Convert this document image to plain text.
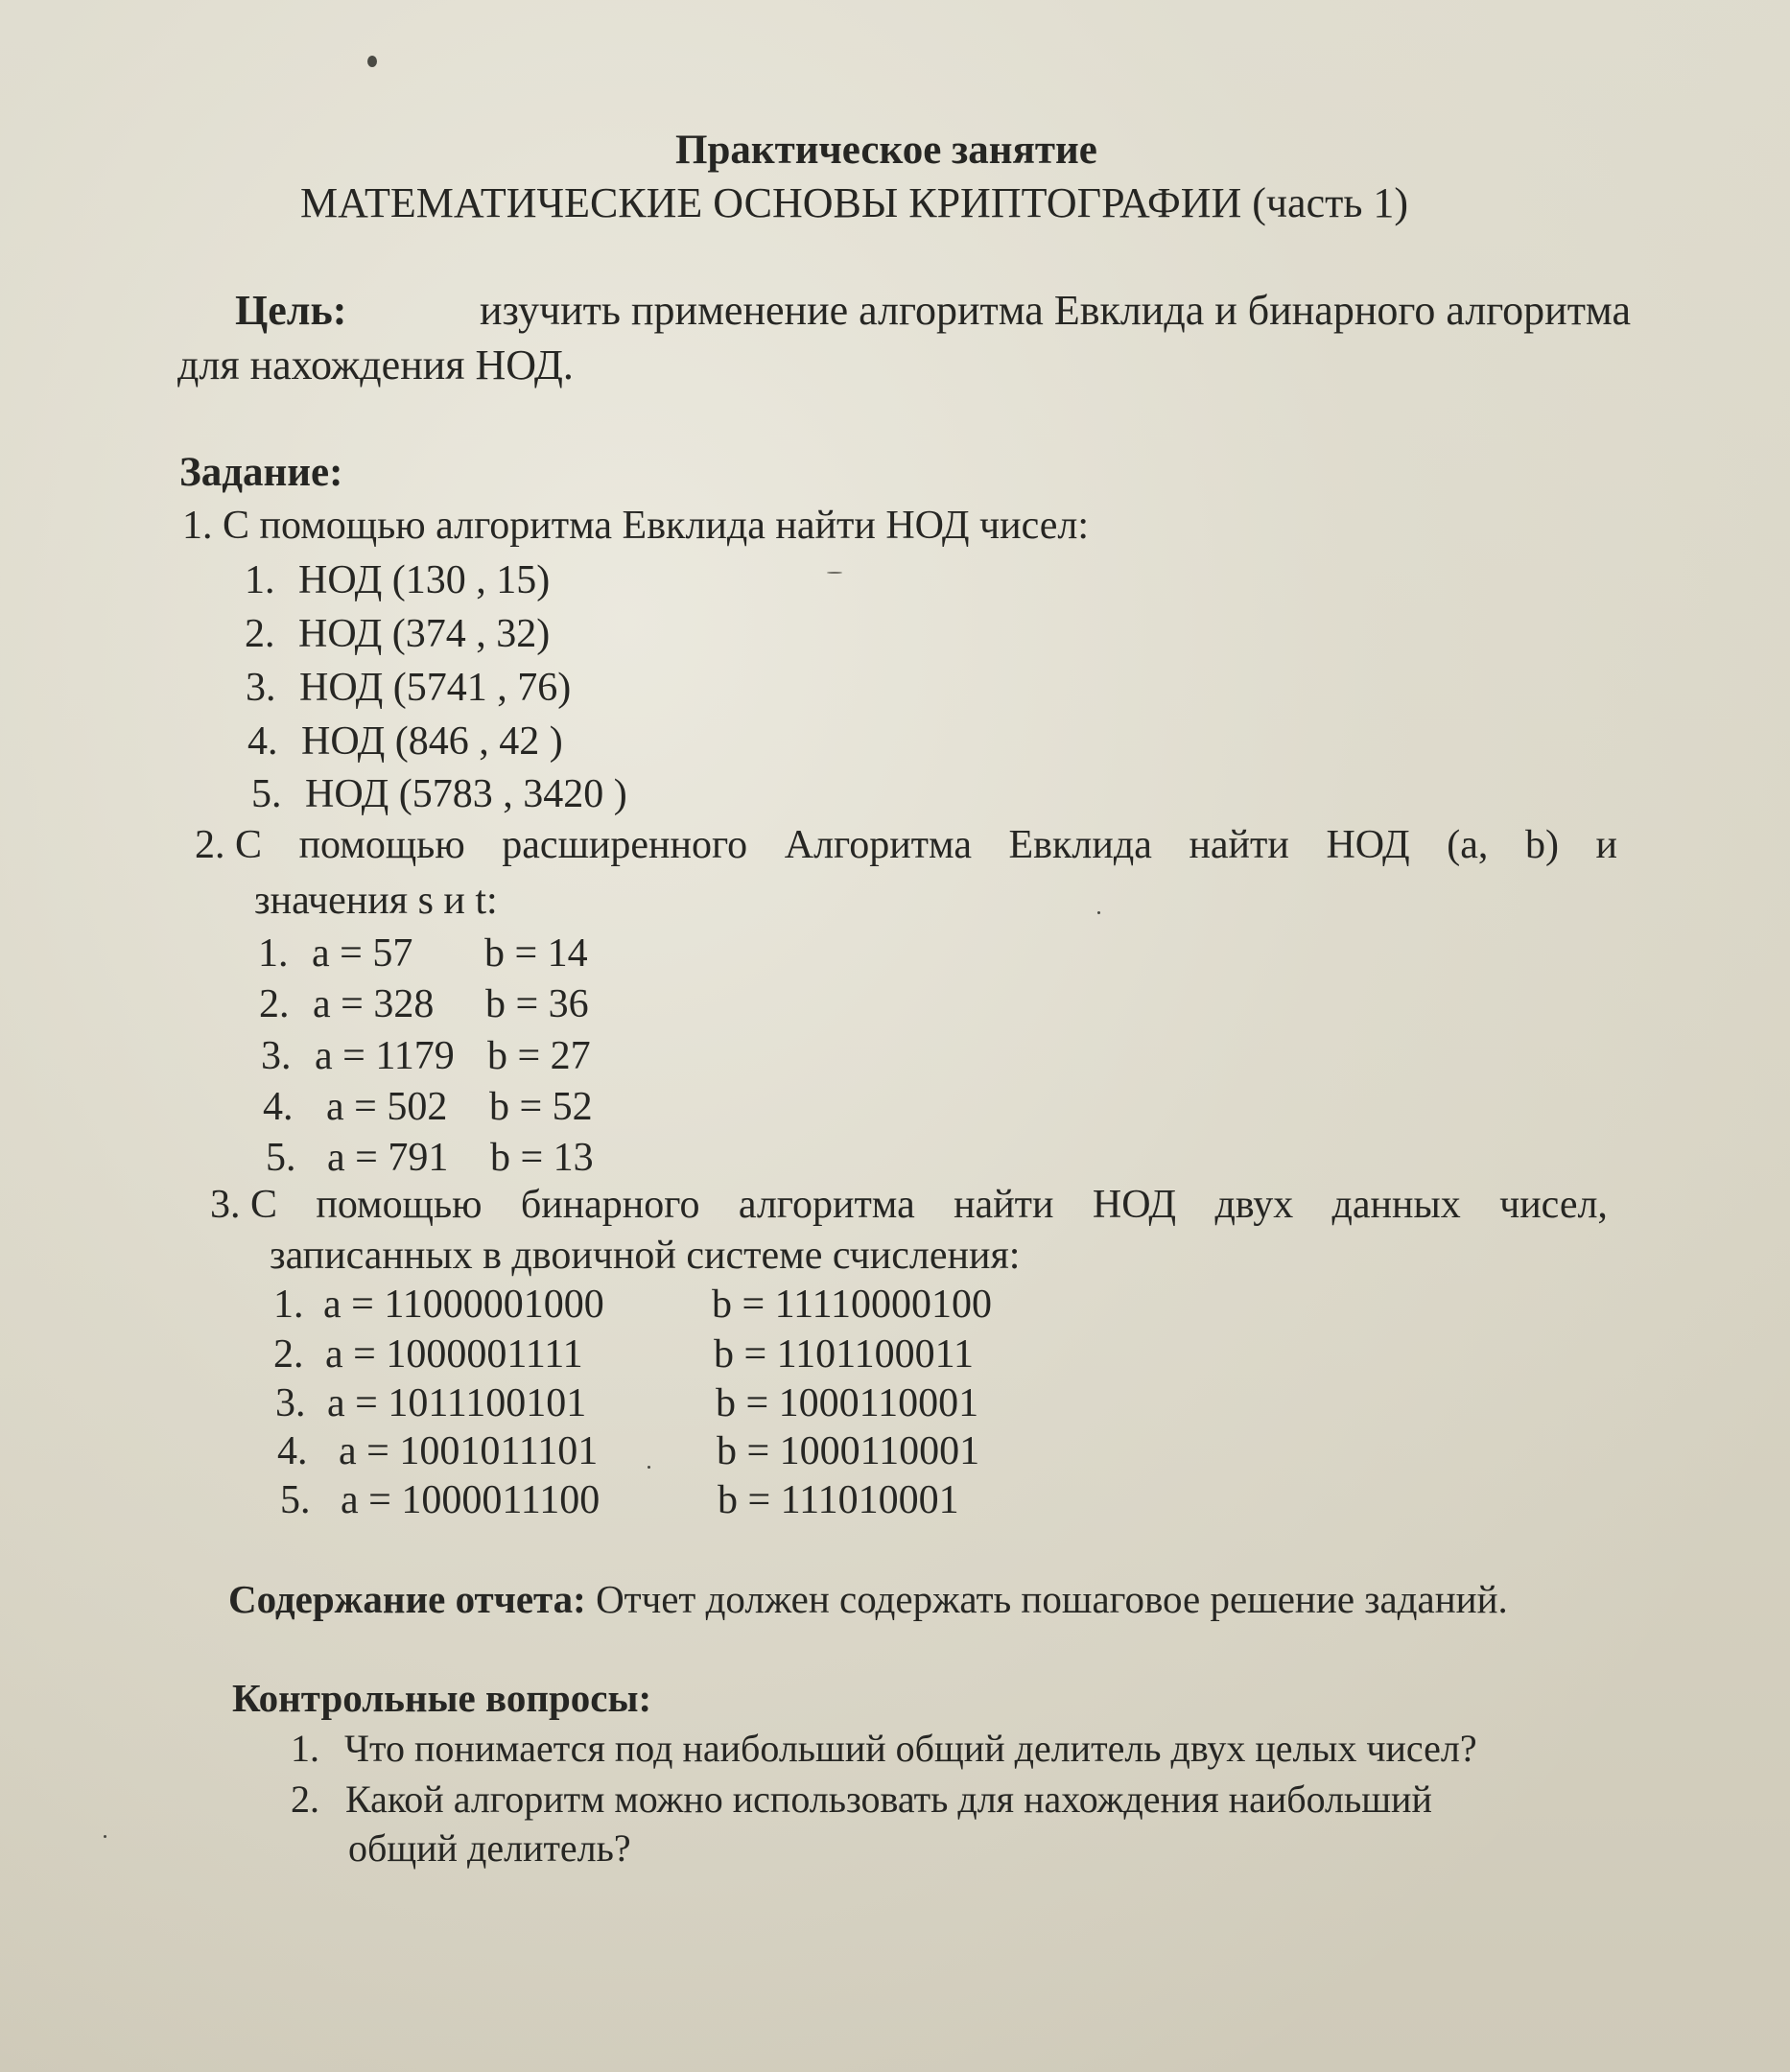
Практическое занятие
МАТЕМАТИЧЕСКИЕ ОСНОВЫ КРИПТОГРАФИИ (часть 1)
Цель:	изучить применение алгоритма Евклида и бинарного алгоритма
для нахождения НОД.
Задание:
1. С помощью алгоритма Евклида найти НОД чисел:
1. НОД (130 , 15)
2. НОД (374 , 32)
3. НОД (5741 , 76)
4. НОД (846 , 42 )
5. НОД (5783 , 3420 )
2. С помощью расширенного Алгоритма Евклида найти НОД (a, b) и
значения s и t:
1. a = 57 b = 14
2. a = 328 b = 36
3. a = 1179 b = 27
4. a = 502 b = 52
5. a = 791 b = 13
3. С помощью бинарного алгоритма найти НОД двух данных чисел,
записанных в двоичной системе счисления:
1. a = 11000001000	b = 11110000100
2. a = 1000001111	b = 1101100011
3. a = 1011100101	b = 1000110001
4. a = 1001011101	b = 1000110001
5. a = 1000011100	b = 111010001
Содержание отчета: Отчет должен содержать пошаговое решение заданий.
Контрольные вопросы:
1. Что понимается под наибольший общий делитель двух целых чисел?
2. Какой алгоритм можно использовать для нахождения наибольший
общий делитель?
